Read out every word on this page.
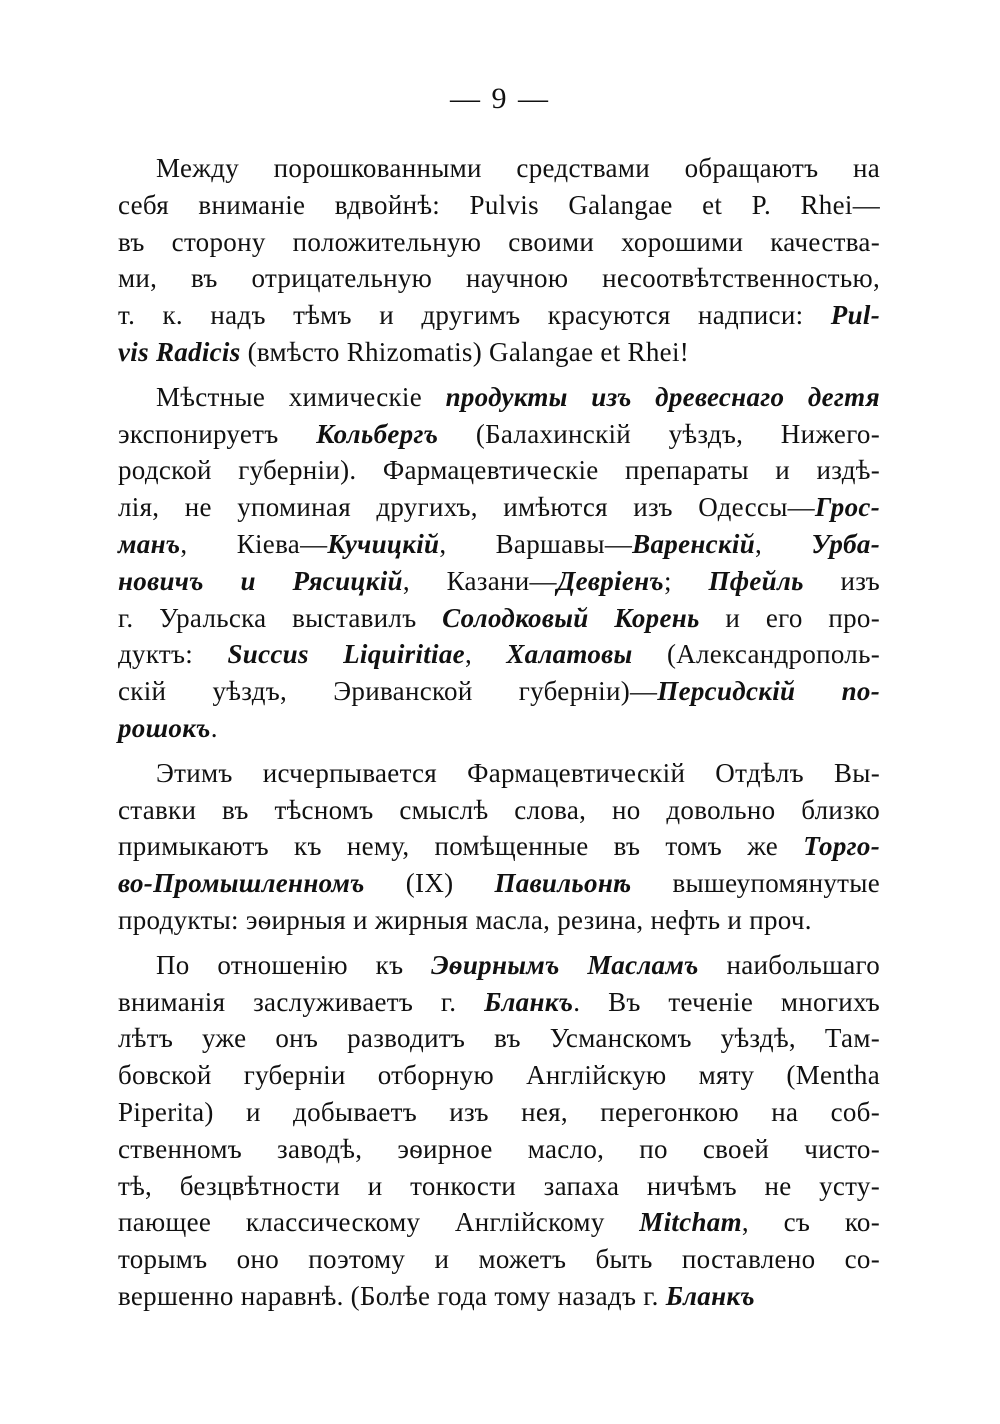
— 9 —
Между порошкованными средствами обращаютъ на
себя вниманіе вдвойнѣ: Pulvis Galangae et P. Rhei—
въ сторону положительную своими хорошими качества-
ми, въ отрицательную научною несоотвѣтственностью,
т. к. надъ тѣмъ и другимъ красуются надписи: Pul-
vis Radicis (вмѣсто Rhizomatis) Galangae et Rhei!
Мѣстные химическіе продукты изъ древеснаго дегтя
экспонируетъ Кольбергъ (Балахинскій уѣздъ, Нижего-
родской губерніи). Фармацевтическіе препараты и издѣ-
лія, не упоминая другихъ, имѣются изъ Одессы—Грос-
манъ, Кіева—Кучицкій, Варшавы—Варенскій, Урба-
новичъ и Рясицкій, Казани—Девріенъ; Пфейль изъ
г. Уральска выставилъ Солодковый Корень и его про-
дуктъ: Succus Liquiritiae, Халатовы (Александрополь-
скій уѣздъ, Эриванской губерніи)—Персидскій по-
рошокъ.
Этимъ исчерпывается Фармацевтическій Отдѣлъ Вы-
ставки въ тѣсномъ смыслѣ слова, но довольно близко
примыкаютъ къ нему, помѣщенные въ томъ же Торго-
во-Промышленномъ (IX) Павильонѣ вышеупомянутые
продукты: эѳирныя и жирныя масла, резина, нефть и проч.
По отношенію къ Эѳирнымъ Масламъ наибольшаго
вниманія заслуживаетъ г. Бланкъ. Въ теченіе многихъ
лѣтъ уже онъ разводитъ въ Усманскомъ уѣздѣ, Там-
бовской губерніи отборную Англійскую мяту (Mentha
Piperita) и добываетъ изъ нея, перегонкою на соб-
ственномъ заводѣ, эѳирное масло, по своей чисто-
тѣ, безцвѣтности и тонкости запаха ничѣмъ не усту-
пающее классическому Англійскому Mitcham, съ ко-
торымъ оно поэтому и можетъ быть поставлено со-
вершенно наравнѣ. (Болѣе года тому назадъ г. Бланкъ
